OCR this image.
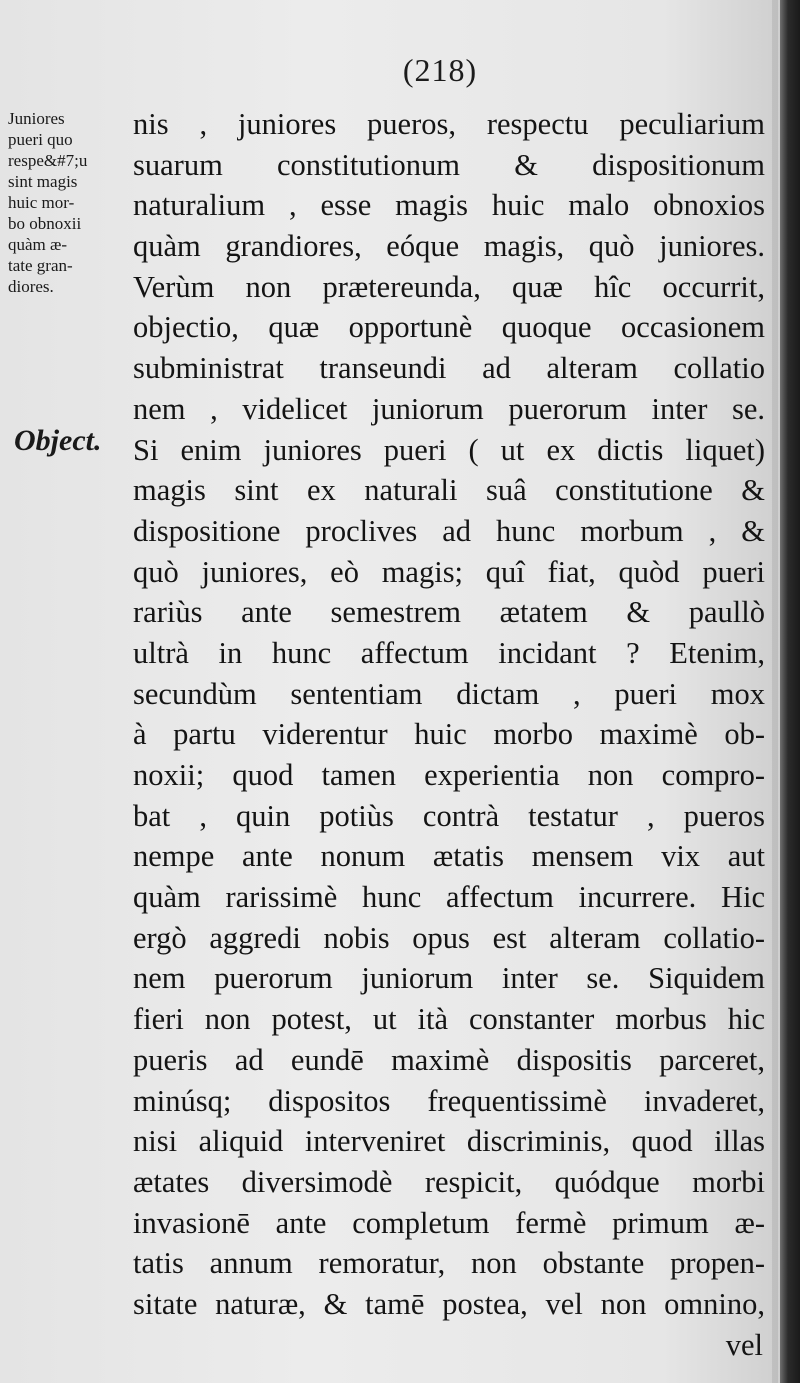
(218)
Juniores
pueri quo
respe&#7;u
sint magis
huic mor-
bo obnoxii
quàm æ-
tate gran-
diores.
Object.
nis , juniores pueros, respectu peculiarium
suarum constitutionum & dispositionum
naturalium , esse magis huic malo obnoxios
quàm grandiores, eóque magis, quò juniores.
Verùm non prætereunda, quæ hîc occurrit,
objectio, quæ opportunè quoque occasionem
subministrat transeundi ad alteram collatio
nem , videlicet juniorum puerorum inter se.
Si enim juniores pueri ( ut ex dictis liquet)
magis sint ex naturali suâ constitutione &
dispositione proclives ad hunc morbum , &
quò juniores, eò magis; quî fiat, quòd pueri
rariùs ante semestrem ætatem & paullò
ultrà in hunc affectum incidant ? Etenim,
secundùm sententiam dictam , pueri mox
à partu viderentur huic morbo maximè ob-
noxii; quod tamen experientia non compro-
bat , quin potiùs contrà testatur , pueros
nempe ante nonum ætatis mensem vix aut
quàm rarissimè hunc affectum incurrere. Hic
ergò aggredi nobis opus est alteram collatio-
nem puerorum juniorum inter se. Siquidem
fieri non potest, ut ità constanter morbus hic
pueris ad eundē maximè dispositis parceret,
minúsq; dispositos frequentissimè invaderet,
nisi aliquid interveniret discriminis, quod illas
ætates diversimodè respicit, quódque morbi
invasionē ante completum fermè primum æ-
tatis annum remoratur, non obstante propen-
sitate naturæ, & tamē postea, vel non omnino,
vel
